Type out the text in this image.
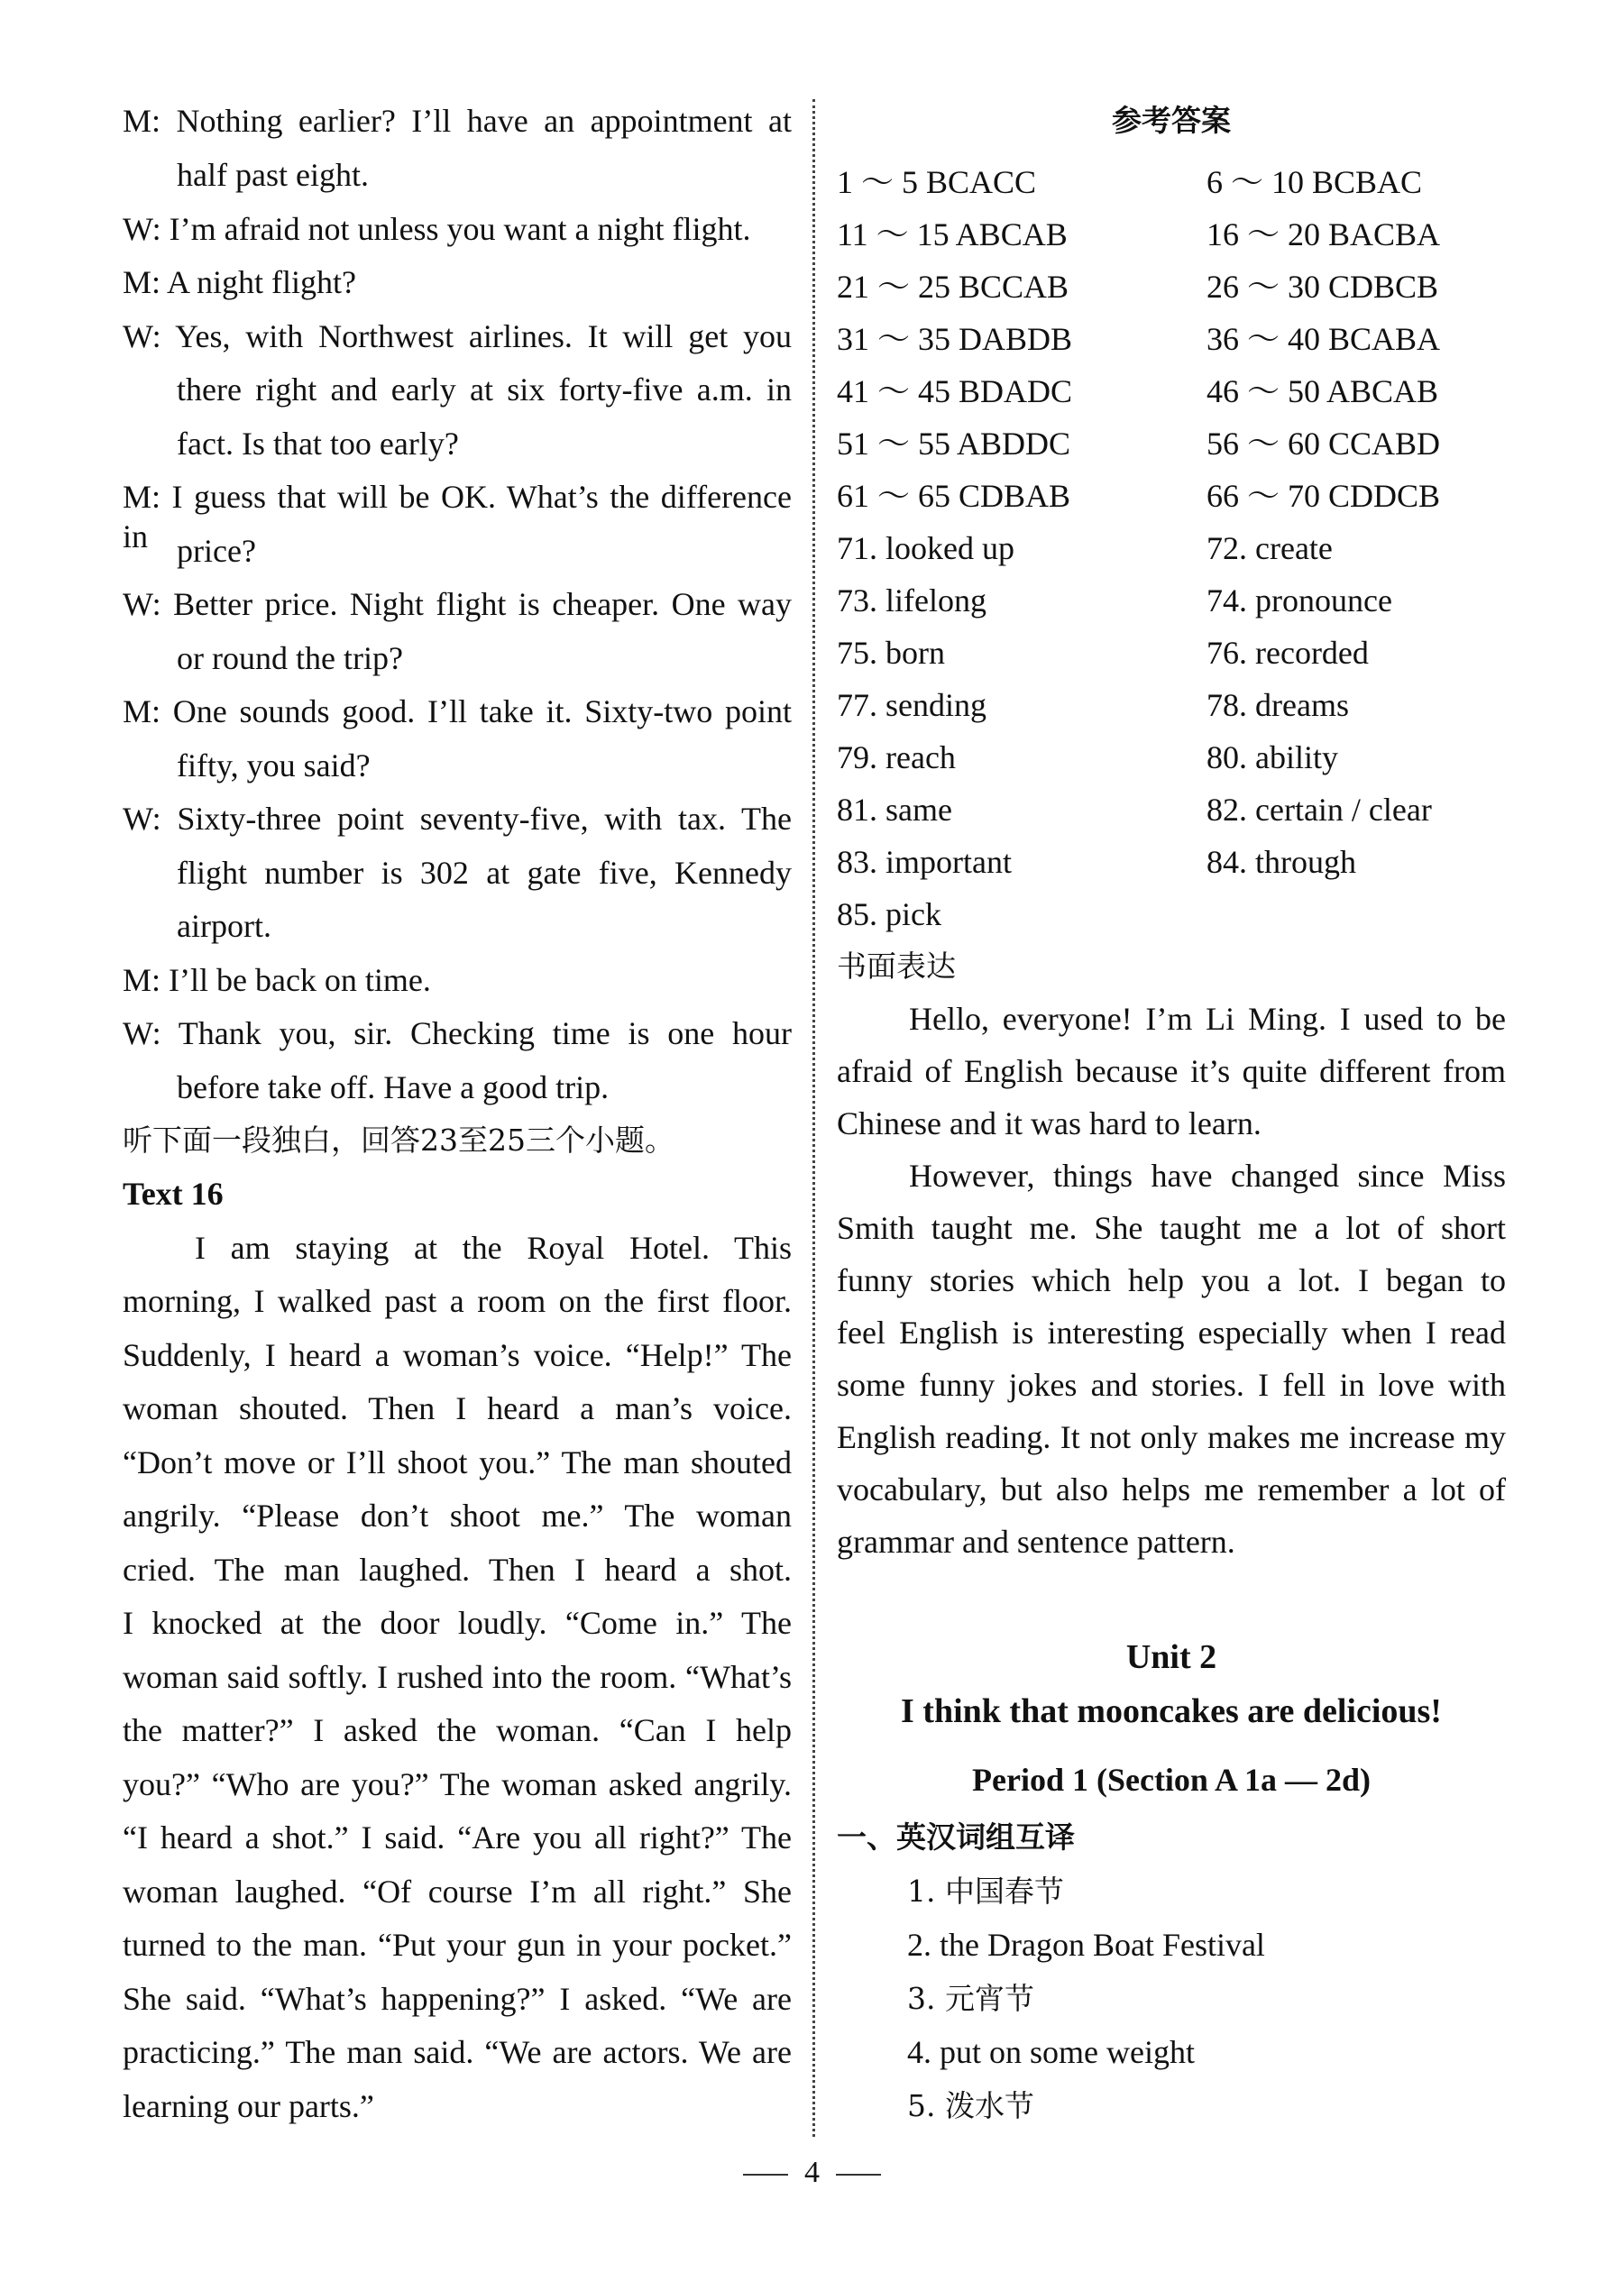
M: Nothing earlier? I’ll have an appointment at
half past eight.
W: I’m afraid not unless you want a night flight.
M: A night flight?
W: Yes, with Northwest airlines. It will get you
there right and early at six forty-five a.m. in
fact. Is that too early?
M: I guess that will be OK. What’s the difference in price?
W: Better price. Night flight is cheaper. One way
or round the trip?
M: One sounds good. I’ll take it. Sixty-two point
fifty, you said?
W: Sixty-three point seventy-five, with tax. The
flight number is 302 at gate five, Kennedy
airport.
M: I’ll be back on time.
W: Thank you, sir. Checking time is one hour
before take off. Have a good trip.
听下面一段独白，回答23至25三个小题。
Text 16
I am staying at the Royal Hotel. This
morning, I walked past a room on the first floor.
Suddenly, I heard a woman’s voice. “Help!” The
woman shouted. Then I heard a man’s voice.
“Don’t move or I’ll shoot you.” The man shouted
angrily. “Please don’t shoot me.” The woman
cried. The man laughed. Then I heard a shot.
I knocked at the door loudly. “Come in.” The
woman said softly. I rushed into the room. “What’s
the matter?” I asked the woman. “Can I help
you?” “Who are you?” The woman asked angrily.
“I heard a shot.” I said. “Are you all right?” The
woman laughed. “Of course I’m all right.” She
turned to the man. “Put your gun in your pocket.”
She said. “What’s happening?” I asked. “We are
practicing.” The man said. “We are actors. We are
learning our parts.”
参考答案
1 ～ 5 BCACC	6 ～ 10 BCBAC
11 ～ 15 ABCAB	16 ～ 20 BACBA
21 ～ 25 BCCAB	26 ～ 30 CDBCB
31 ～ 35 DABDB	36 ～ 40 BCABA
41 ～ 45 BDADC	46 ～ 50 ABCAB
51 ～ 55 ABDDC	56 ～ 60 CCABD
61 ～ 65 CDBAB	66 ～ 70 CDDCB
71. looked up	72. create
73. lifelong	74. pronounce
75. born	76. recorded
77. sending	78. dreams
79. reach	80. ability
81. same	82. certain / clear
83. important	84. through
85. pick
书面表达
Hello, everyone! I’m Li Ming. I used to be
afraid of English because it’s quite different from
Chinese and it was hard to learn.
However, things have changed since Miss
Smith taught me. She taught me a lot of short
funny stories which help you a lot. I began to
feel English is interesting especially when I read
some funny jokes and stories. I fell in love with
English reading. It not only makes me increase my
vocabulary, but also helps me remember a lot of
grammar and sentence pattern.
Unit 2
I think that mooncakes are delicious!
Period 1 (Section A 1a — 2d)
一、英汉词组互译
1. 中国春节
2. the Dragon Boat Festival
3. 元宵节
4. put on some weight
5. 泼水节
4
